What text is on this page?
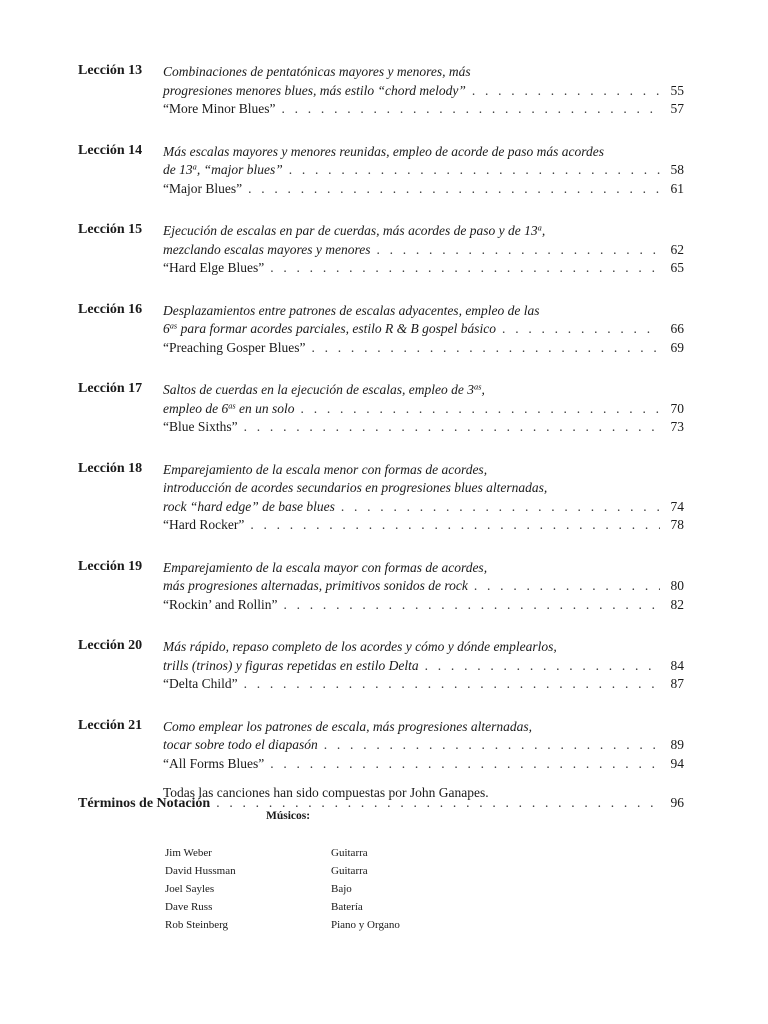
Lección 13 Combinaciones de pentatónicas mayores y menores, más
progresiones menores blues, más estilo “chord melody” . . .	55
“More Minor Blues” . . .	57
Lección 14 Más escalas mayores y menores reunidas, empleo de acorde de paso más acordes
de 13$^a$, “major blues” . . .	58
“Major Blues” . . .	61
Lección 15 Ejecución de escalas en par de cuerdas, más acordes de paso y de 13$^a$,
mezclando escalas mayores y menores . . .	62
“Hard Elge Blues” . . .	65
Lección 16 Desplazamientos entre patrones de escalas adyacentes, empleo de las
$6^{as}$ para formar acordes parciales, estilo R & B gospel básico . . .	66
“Preaching Gosper Blues” . . .	69
Lección 17 Saltos de cuerdas en la ejecución de escalas, empleo de $3^{as}$,
empleo de $6^{as}$ en un solo . . .	70
“Blue Sixths” . . .	73
Lección 18 Emparejamiento de la escala menor con formas de acordes,
introducción de acordes secundarios en progresiones blues alternadas,
rock “hard edge” de base blues . . .	74
“Hard Rocker” . . .	78
Lección 19 Emparejamiento de la escala mayor con formas de acordes,
más progresiones alternadas, primitivos sonidos de rock . . .	80
“Rockin’ and Rollin” . . .	82
Lección 20 Más rápido, repaso completo de los acordes y cómo y dónde emplearlos,
trills (trinos) y figuras repetidas en estilo Delta . . .	84
“Delta Child” . . .	87
Lección 21 Como emplear los patrones de escala, más progresiones alternadas,
tocar sobre todo el diapasón . . .	89
“All Forms Blues” . . .	94
Términos de Notación . . .	96
Todas las canciones han sido compuestas por John Ganapes.
Músicos:
Jim Weber	Guitarra
David Hussman	Guitarra
Joel Sayles	Bajo
Dave Russ	Batería
Rob Steinberg	Piano y Organo
